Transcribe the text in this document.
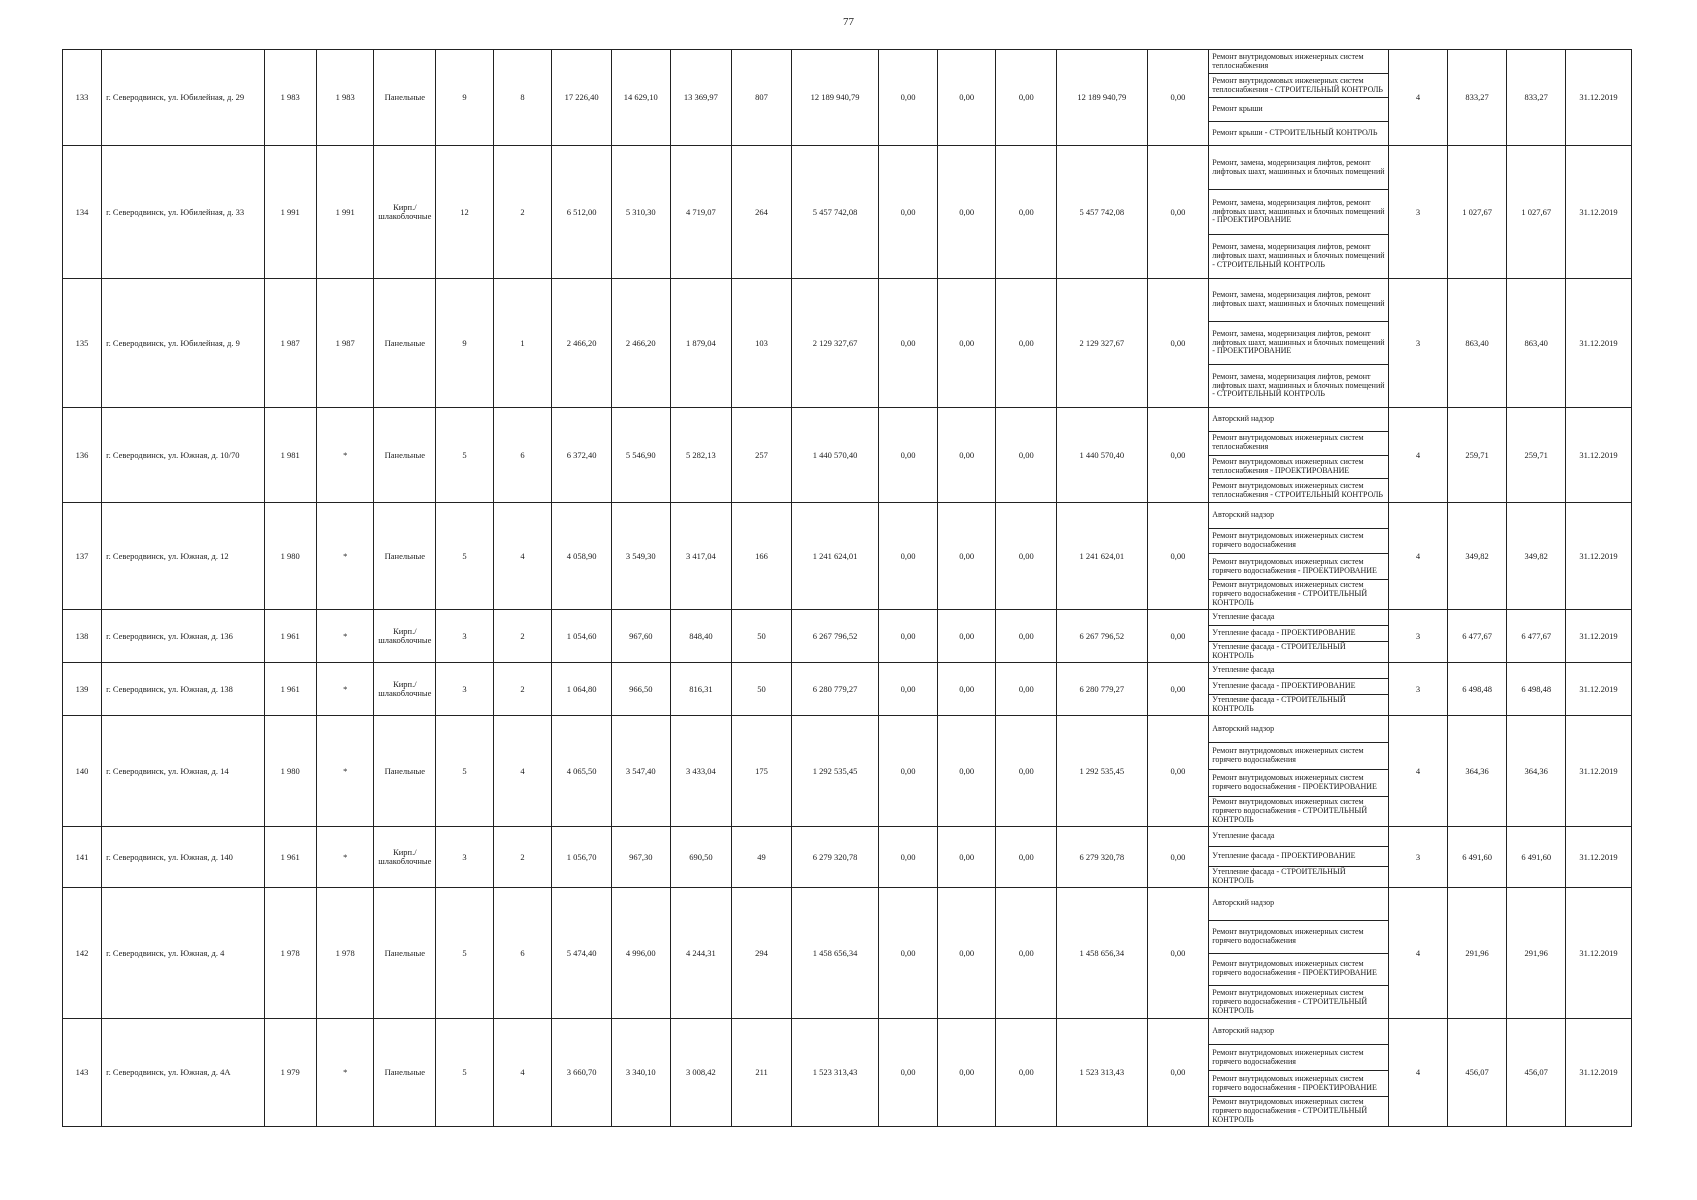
77
133	г. Северодвинск, ул. Юбилейная, д. 29	1 983	1 983	Панельные	9	8	17 226,40	14 629,10	13 369,97	807	12 189 940,79	0,00	0,00	0,00	12 189 940,79	0,00	Ремонт внутридомовых инженерных систем теплоснабжения
Ремонт внутридомовых инженерных систем теплоснабжения - СТРОИТЕЛЬНЫЙ КОНТРОЛЬ
Ремонт крыши
Ремонт крыши - СТРОИТЕЛЬНЫЙ КОНТРОЛЬ	4	833,27	833,27	31.12.2019
134	г. Северодвинск, ул. Юбилейная, д. 33	1 991	1 991	Кирп./ шлакоблочные	12	2	6 512,00	5 310,30	4 719,07	264	5 457 742,08	0,00	0,00	0,00	5 457 742,08	0,00	Ремонт, замена, модернизация лифтов, ремонт лифтовых шахт, машинных и блочных помещений
Ремонт, замена, модернизация лифтов, ремонт лифтовых шахт, машинных и блочных помещений - ПРОЕКТИРОВАНИЕ
Ремонт, замена, модернизация лифтов, ремонт лифтовых шахт, машинных и блочных помещений - СТРОИТЕЛЬНЫЙ КОНТРОЛЬ	3	1 027,67	1 027,67	31.12.2019
135	г. Северодвинск, ул. Юбилейная, д. 9	1 987	1 987	Панельные	9	1	2 466,20	2 466,20	1 879,04	103	2 129 327,67	0,00	0,00	0,00	2 129 327,67	0,00	Ремонт, замена, модернизация лифтов, ремонт лифтовых шахт, машинных и блочных помещений
Ремонт, замена, модернизация лифтов, ремонт лифтовых шахт, машинных и блочных помещений - ПРОЕКТИРОВАНИЕ
Ремонт, замена, модернизация лифтов, ремонт лифтовых шахт, машинных и блочных помещений - СТРОИТЕЛЬНЫЙ КОНТРОЛЬ	3	863,40	863,40	31.12.2019
136	г. Северодвинск, ул. Южная, д. 10/70	1 981	*	Панельные	5	6	6 372,40	5 546,90	5 282,13	257	1 440 570,40	0,00	0,00	0,00	1 440 570,40	0,00	Авторский надзор
Ремонт внутридомовых инженерных систем теплоснабжения
Ремонт внутридомовых инженерных систем теплоснабжения - ПРОЕКТИРОВАНИЕ
Ремонт внутридомовых инженерных систем теплоснабжения - СТРОИТЕЛЬНЫЙ КОНТРОЛЬ	4	259,71	259,71	31.12.2019
137	г. Северодвинск, ул. Южная, д. 12	1 980	*	Панельные	5	4	4 058,90	3 549,30	3 417,04	166	1 241 624,01	0,00	0,00	0,00	1 241 624,01	0,00	Авторский надзор
Ремонт внутридомовых инженерных систем горячего водоснабжения
Ремонт внутридомовых инженерных систем горячего водоснабжения - ПРОЕКТИРОВАНИЕ
Ремонт внутридомовых инженерных систем горячего водоснабжения - СТРОИТЕЛЬНЫЙ КОНТРОЛЬ	4	349,82	349,82	31.12.2019
138	г. Северодвинск, ул. Южная, д. 136	1 961	*	Кирп./ шлакоблочные	3	2	1 054,60	967,60	848,40	50	6 267 796,52	0,00	0,00	0,00	6 267 796,52	0,00	Утепление фасада
Утепление фасада - ПРОЕКТИРОВАНИЕ
Утепление фасада - СТРОИТЕЛЬНЫЙ КОНТРОЛЬ	3	6 477,67	6 477,67	31.12.2019
139	г. Северодвинск, ул. Южная, д. 138	1 961	*	Кирп./ шлакоблочные	3	2	1 064,80	966,50	816,31	50	6 280 779,27	0,00	0,00	0,00	6 280 779,27	0,00	Утепление фасада
Утепление фасада - ПРОЕКТИРОВАНИЕ
Утепление фасада - СТРОИТЕЛЬНЫЙ КОНТРОЛЬ	3	6 498,48	6 498,48	31.12.2019
140	г. Северодвинск, ул. Южная, д. 14	1 980	*	Панельные	5	4	4 065,50	3 547,40	3 433,04	175	1 292 535,45	0,00	0,00	0,00	1 292 535,45	0,00	Авторский надзор
Ремонт внутридомовых инженерных систем горячего водоснабжения
Ремонт внутридомовых инженерных систем горячего водоснабжения - ПРОЕКТИРОВАНИЕ
Ремонт внутридомовых инженерных систем горячего водоснабжения - СТРОИТЕЛЬНЫЙ КОНТРОЛЬ	4	364,36	364,36	31.12.2019
141	г. Северодвинск, ул. Южная, д. 140	1 961	*	Кирп./ шлакоблочные	3	2	1 056,70	967,30	690,50	49	6 279 320,78	0,00	0,00	0,00	6 279 320,78	0,00	Утепление фасада
Утепление фасада - ПРОЕКТИРОВАНИЕ
Утепление фасада - СТРОИТЕЛЬНЫЙ КОНТРОЛЬ	3	6 491,60	6 491,60	31.12.2019
142	г. Северодвинск, ул. Южная, д. 4	1 978	1 978	Панельные	5	6	5 474,40	4 996,00	4 244,31	294	1 458 656,34	0,00	0,00	0,00	1 458 656,34	0,00	Авторский надзор
Ремонт внутридомовых инженерных систем горячего водоснабжения
Ремонт внутридомовых инженерных систем горячего водоснабжения - ПРОЕКТИРОВАНИЕ
Ремонт внутридомовых инженерных систем горячего водоснабжения - СТРОИТЕЛЬНЫЙ КОНТРОЛЬ	4	291,96	291,96	31.12.2019
143	г. Северодвинск, ул. Южная, д. 4А	1 979	*	Панельные	5	4	3 660,70	3 340,10	3 008,42	211	1 523 313,43	0,00	0,00	0,00	1 523 313,43	0,00	Авторский надзор
Ремонт внутридомовых инженерных систем горячего водоснабжения
Ремонт внутридомовых инженерных систем горячего водоснабжения - ПРОЕКТИРОВАНИЕ
Ремонт внутридомовых инженерных систем горячего водоснабжения - СТРОИТЕЛЬНЫЙ КОНТРОЛЬ	4	456,07	456,07	31.12.2019
